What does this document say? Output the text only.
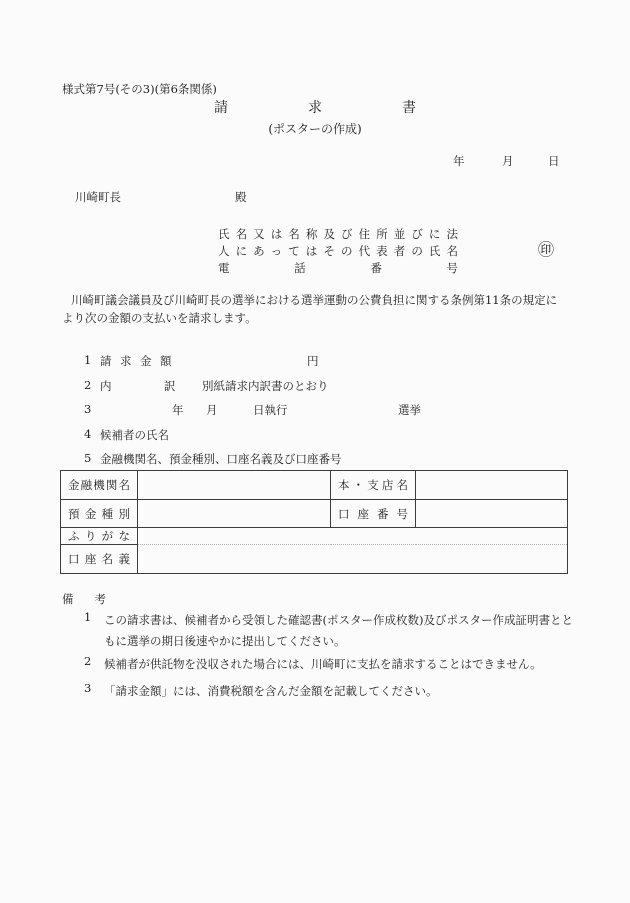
様式第7号(その3)(第6条関係)
請	求	書
(ポスターの作成)
年	月	日
川崎町長	殿
氏名又は名称及び住所並びに法
人にあってはその代表者の氏名
電	話	番	号
㊞
川崎町議会議員及び川崎町長の選挙における選挙運動の公費負担に関する条例第11条の規定に
より次の金額の支払いを請求します。
1 請求金額	円
2 内	訳 別紙請求内訳書のとおり
3	年 月	日執行	選挙
4 候補者の氏名
5 金融機関名、預金種別、口座名義及び口座番号
金融機関名		本・支店名	
預金種別		口座番号	
ふりがな			
口座名義			
備 考
1 この請求書は、候補者から受領した確認書(ポスター作成枚数)及びポスター作成証明書とと
もに選挙の期日後速やかに提出してください。
2 候補者が供託物を没収された場合には、川崎町に支払を請求することはできません。
3 「請求金額」には、消費税額を含んだ金額を記載してください。
